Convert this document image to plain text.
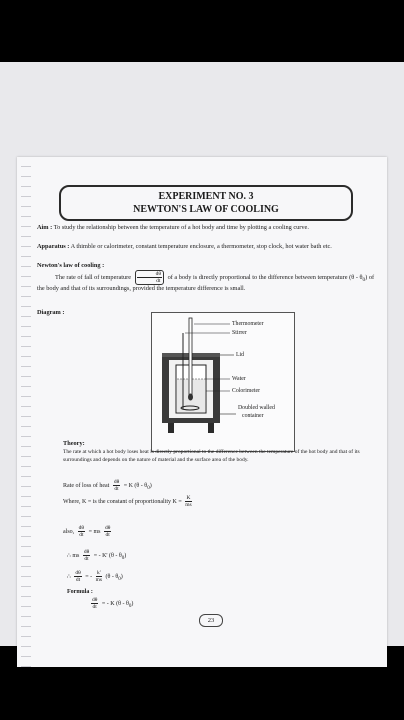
EXPERIMENT NO. 3
NEWTON'S LAW OF COOLING
Aim : To study the relationship between the temperature of a hot body and time by plotting a cooling curve.
Apparatus : A thimble or calorimeter, constant temperature enclosure, a thermometer, stop clock, hot water bath etc.
Newton's law of cooling :
The rate of fall of temperature $\frac{d\theta}{dt}$ of a body is directly proportional to the difference between temperature $(\theta - \theta_0)$ of the body and that of its surroundings, provided the temperature difference is small.
Diagram :
Thermometer
Stirrer
Lid
Water
Colorimeter
Doubled walled
container
Theory:
The rate at which a hot body loses heat is directly proportional to the difference between the temperature of the hot body and that of its surroundings and depends on the nature of material and the surface area of the body.
Rate of loss of heat $\frac{d\theta}{dt} = K$ $(\theta - \theta_0)$
Where, K = is the constant of proportionality $K = \frac{K}{ms}$
also, $\frac{d\theta}{dt}$ = ms $\frac{d\theta}{dt}$
∴ ms $\frac{d\theta}{dt}$ = - K' $(\theta - \theta_0)$
∴ $\frac{d\theta}{dt}$ = - $\frac{k'}{ms} (\theta - \theta_0)$
Formula :
$\frac{d\theta}{dt}$ = - K $(\theta - \theta_0)$
23
